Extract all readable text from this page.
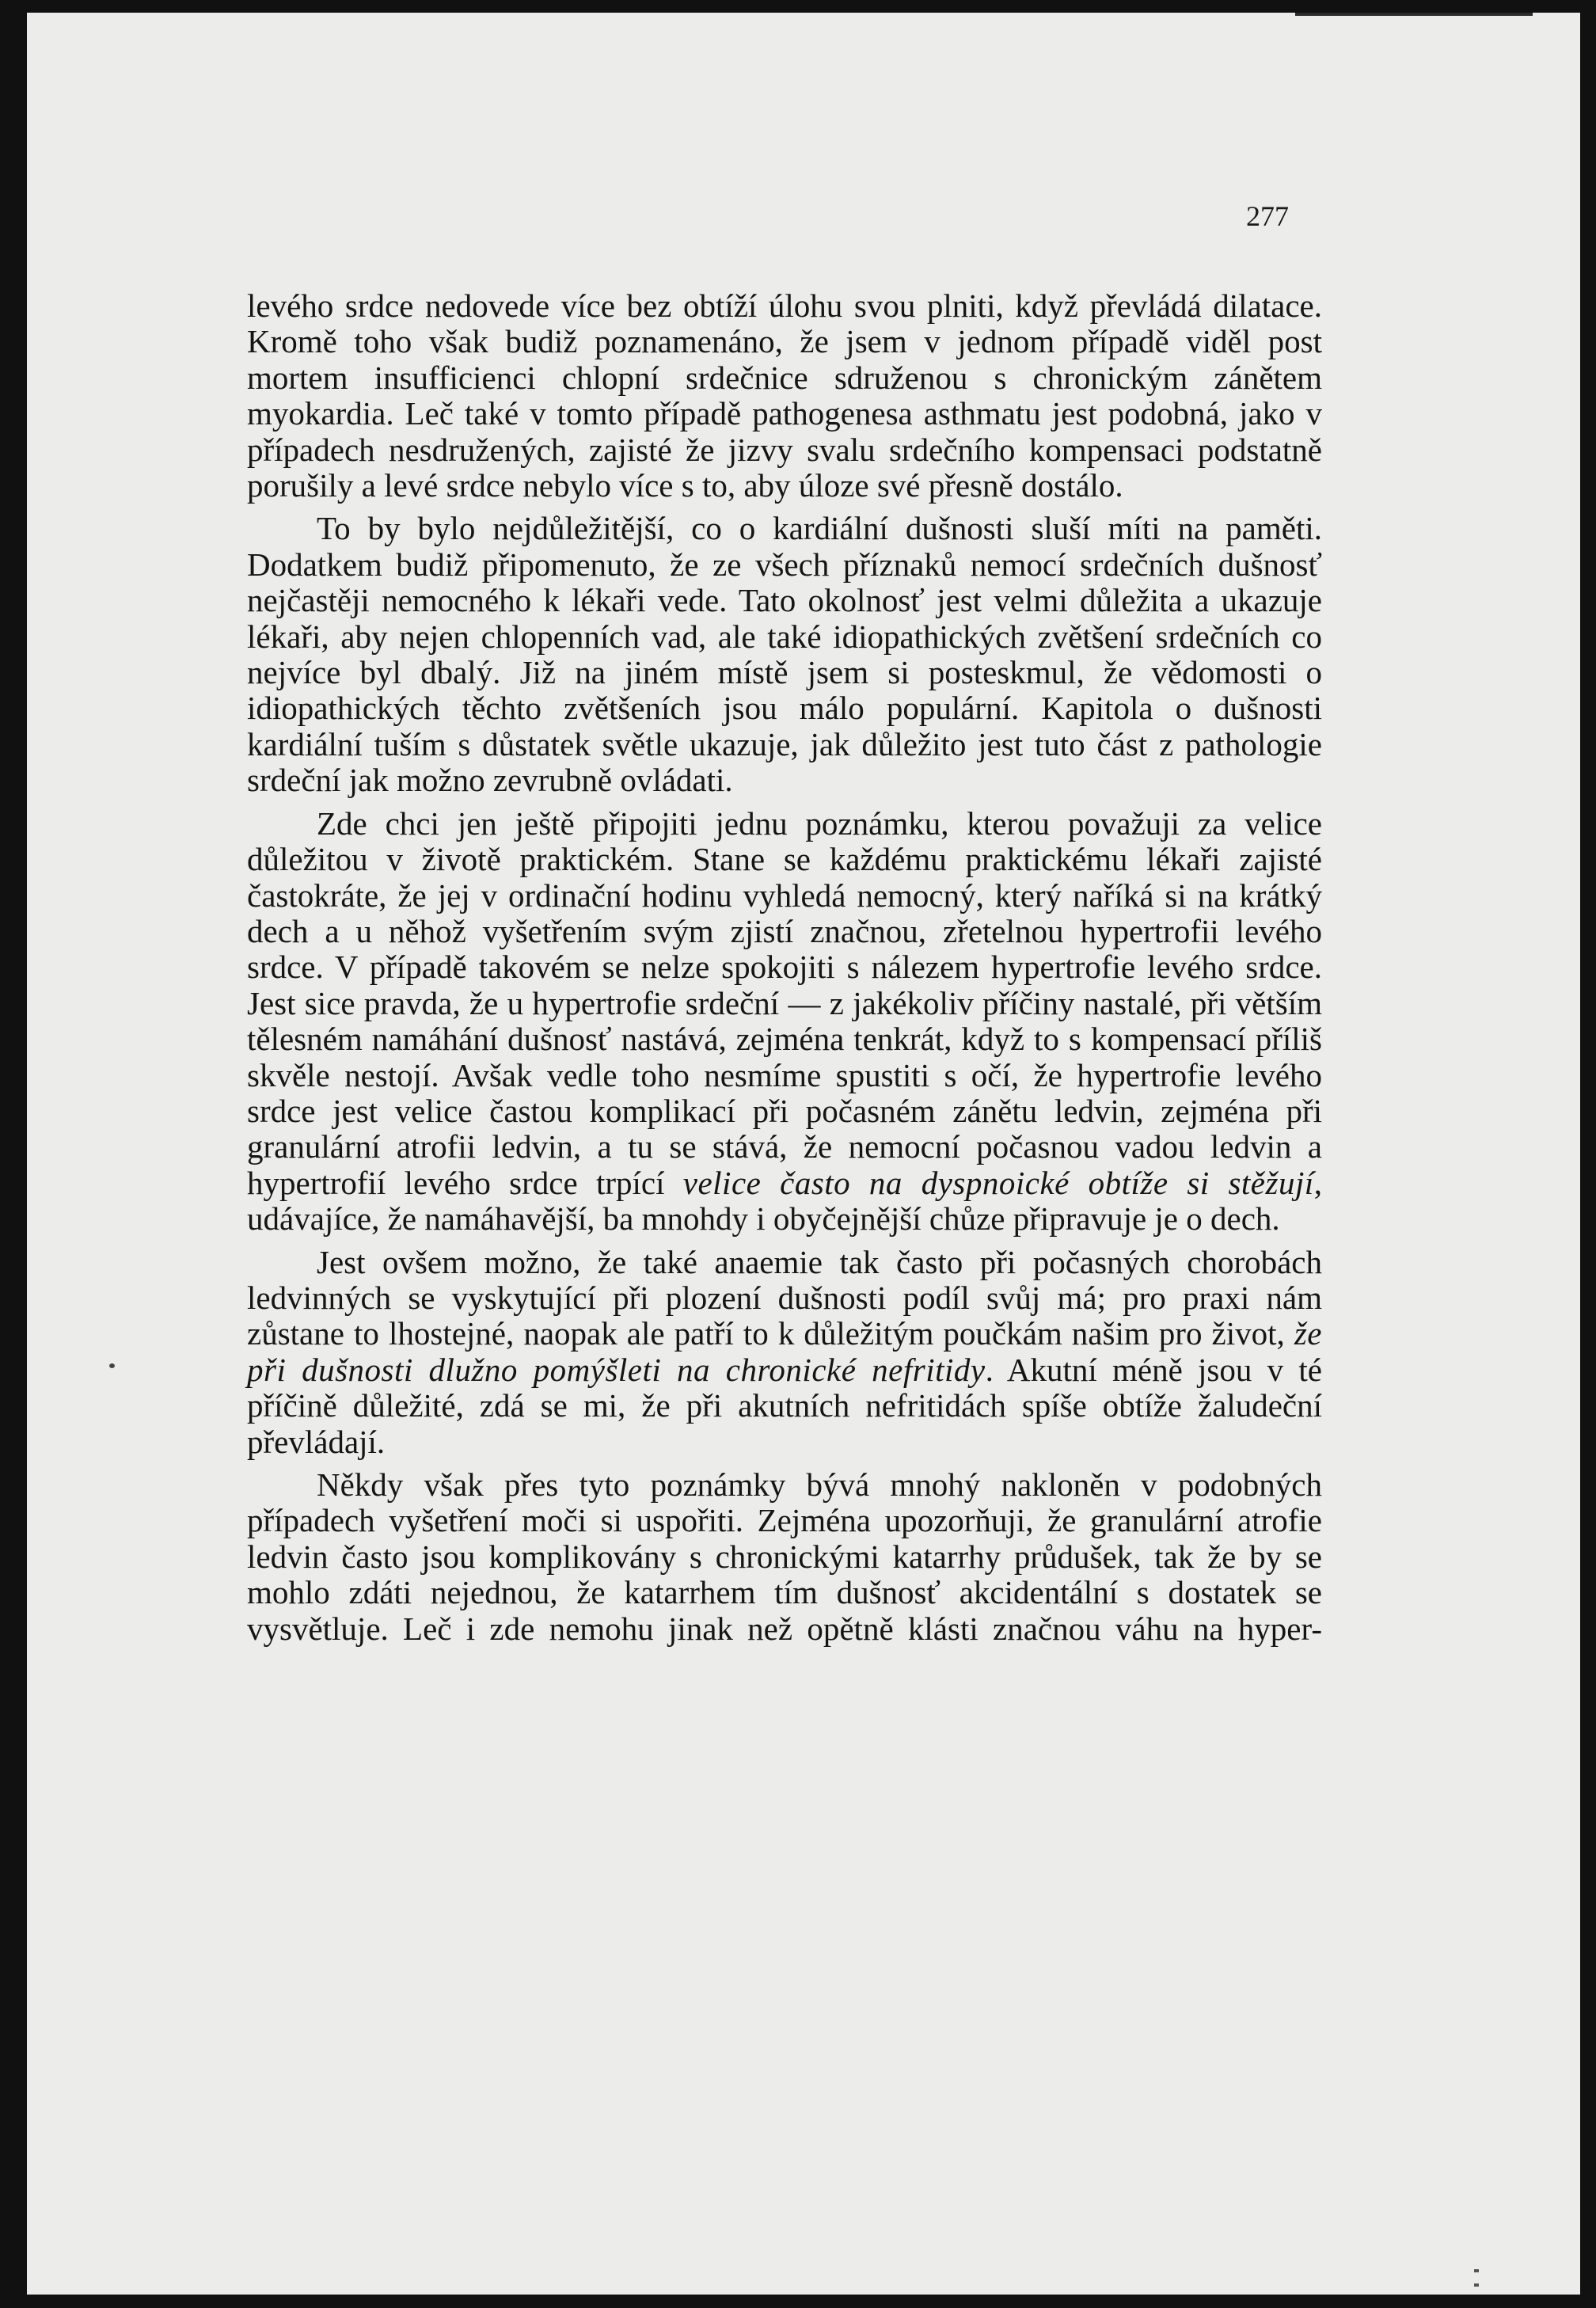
277

levého srdce nedovede více bez obtíží úlohu svou plniti, když převládá dilatace. Kromě toho však budiž poznamenáno, že jsem v jednom případě viděl post mortem insufficienci chlopní srdečnice sdruženou s chronickým zánětem myokardia. Leč také v tomto případě pathogenesa asthmatu jest podobná, jako v případech nesdružených, zajisté že jizvy svalu srdečního kompensaci podstatně porušily a levé srdce nebylo více s to, aby úloze své přesně dostálo.

To by bylo nejdůležitější, co o kardiální dušnosti sluší míti na paměti. Dodatkem budiž připomenuto, že ze všech příznaků nemocí srdečních dušnosť nejčastěji nemocného k lékaři vede. Tato okolnosť jest velmi důležita a ukazuje lékaři, aby nejen chlopenních vad, ale také idiopathických zvětšení srdečních co nejvíce byl dbalý. Již na jiném místě jsem si posteskmul, že vědomosti o idiopathických těchto zvětšeních jsou málo populární. Kapitola o dušnosti kardiální tuším s důstatek světle ukazuje, jak důležito jest tuto část z pathologie srdeční jak možno zevrubně ovládati.

Zde chci jen ještě připojiti jednu poznámku, kterou považuji za velice důležitou v životě praktickém. Stane se každému praktickému lékaři zajisté častokráte, že jej v ordinační hodinu vyhledá nemocný, který naříká si na krátký dech a u něhož vyšetřením svým zjistí značnou, zřetelnou hypertrofii levého srdce. V případě takovém se nelze spokojiti s nálezem hypertrofie levého srdce. Jest sice pravda, že u hypertrofie srdeční — z jakékoliv příčiny nastalé, při větším tělesném namáhání dušnosť nastává, zejména tenkrát, když to s kompensací příliš skvěle nestojí. Avšak vedle toho nesmíme spustiti s očí, že hypertrofie levého srdce jest velice častou komplikací při počasném zánětu ledvin, zejména při granulární atrofii ledvin, a tu se stává, že nemocní počasnou vadou ledvin a hypertrofií levého srdce trpící velice často na dyspnoické obtíže si stěžují, udávajíce, že namáhavější, ba mnohdy i obyčejnější chůze připravuje je o dech.

Jest ovšem možno, že také anaemie tak často při počasných chorobách ledvinných se vyskytující při plození dušnosti podíl svůj má; pro praxi nám zůstane to lhostejné, naopak ale patří to k důležitým poučkám našim pro život, že při dušnosti dlužno pomýšleti na chronické nefritidy. Akutní méně jsou v té příčině důležité, zdá se mi, že při akutních nefritidách spíše obtíže žaludeční převládají.

Někdy však přes tyto poznámky bývá mnohý nakloněn v podobných případech vyšetření moči si uspořiti. Zejména upozorňuji, že granulární atrofie ledvin často jsou komplikovány s chronickými katarrhy průdušek, tak že by se mohlo zdáti nejednou, že katarrhem tím dušnosť akcidentální s dostatek se vysvětluje. Leč i zde nemohu jinak než opětně klásti značnou váhu na hyper-
